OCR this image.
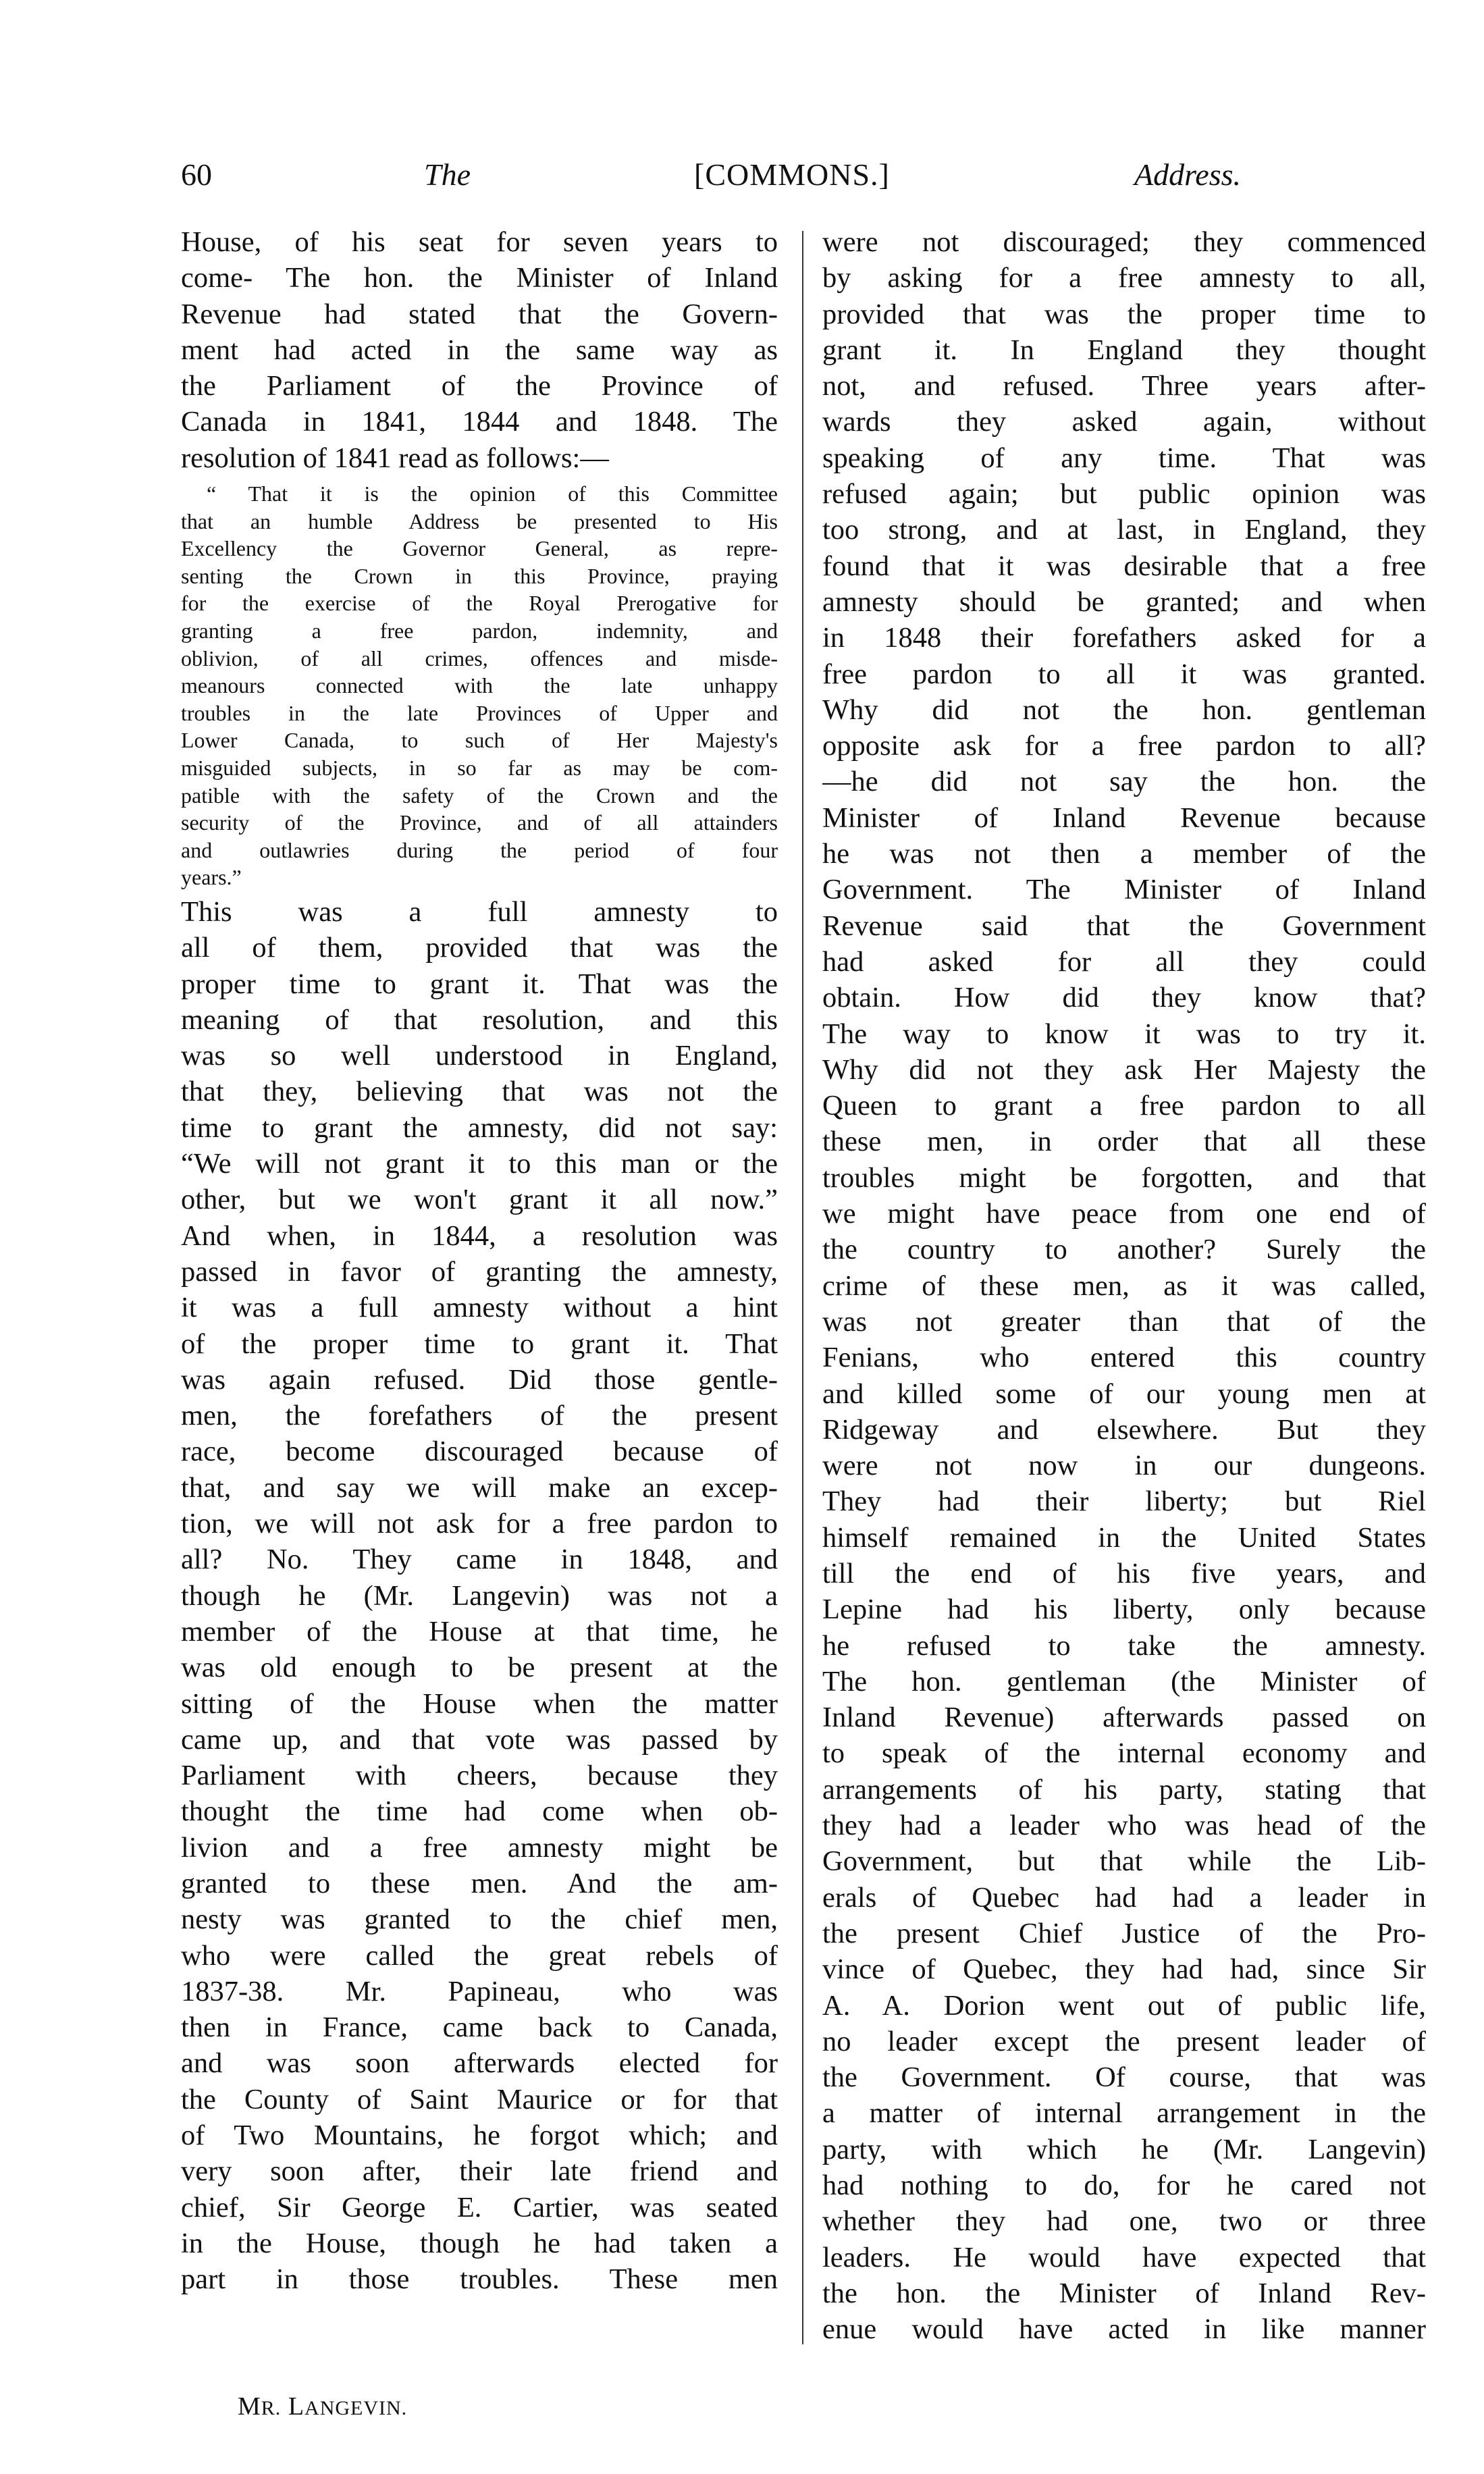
60	The	[COMMONS.]	Address.
House, of his seat for seven years to
come- The hon. the Minister of Inland
Revenue had stated that the Govern-
ment had acted in the same way as
the Parliament of the Province of
Canada in 1841, 1844 and 1848. The
resolution of 1841 read as follows:—
“ That it is the opinion of this Committee
that an humble Address be presented to His
Excellency the Governor General, as repre-
senting the Crown in this Province, praying
for the exercise of the Royal Prerogative for
granting a free pardon, indemnity, and
oblivion, of all crimes, offences and misde-
meanours connected with the late unhappy
troubles in the late Provinces of Upper and
Lower Canada, to such of Her Majesty's
misguided subjects, in so far as may be com-
patible with the safety of the Crown and the
security of the Province, and of all attainders
and outlawries during the period of four
years.”
This was a full amnesty to
all of them, provided that was the
proper time to grant it. That was the
meaning of that resolution, and this
was so well understood in England,
that they, believing that was not the
time to grant the amnesty, did not say:
“We will not grant it to this man or the
other, but we won't grant it all now.”
And when, in 1844, a resolution was
passed in favor of granting the amnesty,
it was a full amnesty without a hint
of the proper time to grant it. That
was again refused. Did those gentle-
men, the forefathers of the present
race, become discouraged because of
that, and say we will make an excep-
tion, we will not ask for a free pardon to
all? No. They came in 1848, and
though he (Mr. Langevin) was not a
member of the House at that time, he
was old enough to be present at the
sitting of the House when the matter
came up, and that vote was passed by
Parliament with cheers, because they
thought the time had come when ob-
livion and a free amnesty might be
granted to these men. And the am-
nesty was granted to the chief men,
who were called the great rebels of
1837-38. Mr. Papineau, who was
then in France, came back to Canada,
and was soon afterwards elected for
the County of Saint Maurice or for that
of Two Mountains, he forgot which; and
very soon after, their late friend and
chief, Sir George E. Cartier, was seated
in the House, though he had taken a
part in those troubles. These men
were not discouraged; they commenced
by asking for a free amnesty to all,
provided that was the proper time to
grant it. In England they thought
not, and refused. Three years after-
wards they asked again, without
speaking of any time. That was
refused again; but public opinion was
too strong, and at last, in England, they
found that it was desirable that a free
amnesty should be granted; and when
in 1848 their forefathers asked for a
free pardon to all it was granted.
Why did not the hon. gentleman
opposite ask for a free pardon to all?
—he did not say the hon. the
Minister of Inland Revenue because
he was not then a member of the
Government. The Minister of Inland
Revenue said that the Government
had asked for all they could
obtain. How did they know that?
The way to know it was to try it.
Why did not they ask Her Majesty the
Queen to grant a free pardon to all
these men, in order that all these
troubles might be forgotten, and that
we might have peace from one end of
the country to another? Surely the
crime of these men, as it was called,
was not greater than that of the
Fenians, who entered this country
and killed some of our young men at
Ridgeway and elsewhere. But they
were not now in our dungeons.
They had their liberty; but Riel
himself remained in the United States
till the end of his five years, and
Lepine had his liberty, only because
he refused to take the amnesty.
The hon. gentleman (the Minister of
Inland Revenue) afterwards passed on
to speak of the internal economy and
arrangements of his party, stating that
they had a leader who was head of the
Government, but that while the Lib-
erals of Quebec had had a leader in
the present Chief Justice of the Pro-
vince of Quebec, they had had, since Sir
A. A. Dorion went out of public life,
no leader except the present leader of
the Government. Of course, that was
a matter of internal arrangement in the
party, with which he (Mr. Langevin)
had nothing to do, for he cared not
whether they had one, two or three
leaders. He would have expected that
the hon. the Minister of Inland Rev-
enue would have acted in like manner
MR. LANGEVIN.
